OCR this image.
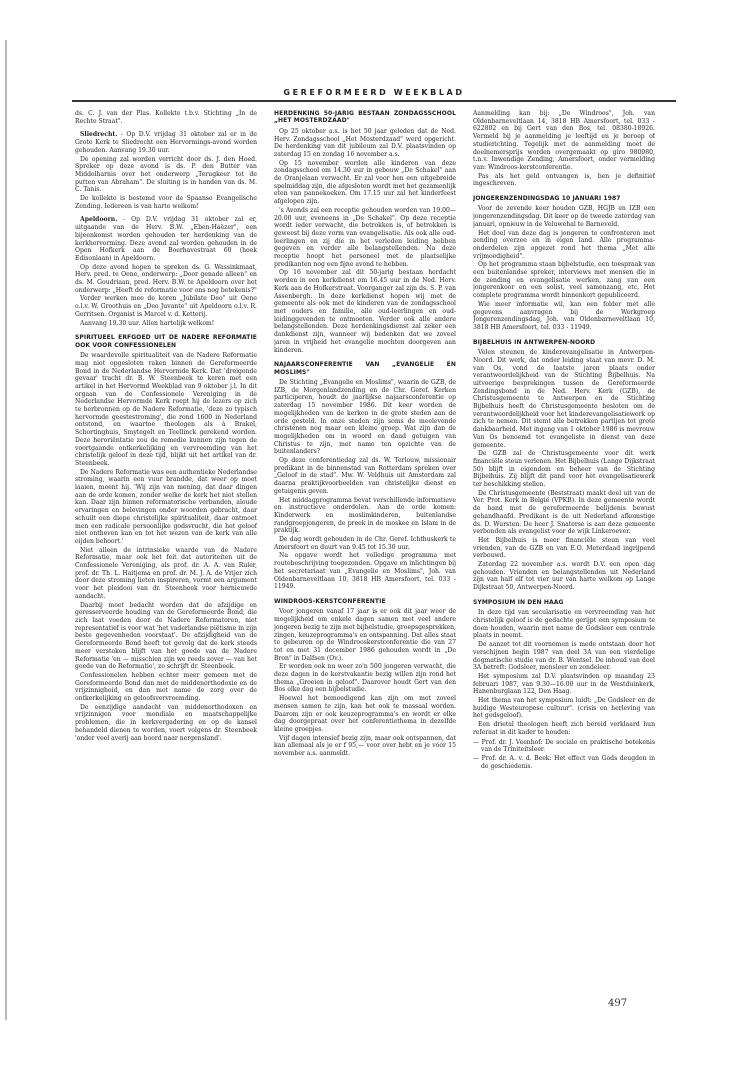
GEREFORMEERD WEEKBLAD

ds. C. J. van der Plas. Kollekte t.b.v. Stichting „In de Rechte Straat".

Sliedrecht. - Op D.V. vrijdag 31 oktober zal er in de Grote Kerk te Sliedrecht een Hervormings-avond worden gehouden. Aanvang 19.30 uur.

De opening zal worden verricht door ds. J. den Hoed. Spreker op deze avond is ds. P. den Butter van Middelharnis over het onderwerp „Terugkeer tot de putten van Abraham". De sluiting is in handen van ds. M. C. Tanis.

De kollekte is bestemd voor de Spaanse Evangelische Zending. Iedereen is van harte welkom!

Apeldoorn. - Op D.V. vrijdag 31 oktober zal er, uitgaande van de Herv. B.W. „Eben-Haëzer", een bijeenkomst worden gehouden ter herdenking van de kerkhervorming. Deze avond zal worden gehouden in de Open Hofkerk aan de Boerhavestraat 60 (hoek Edisonlaan) in Apeldoorn.

Op deze avond hopen te spreken ds. G. Wassinkmaat, Herv. pred. te Oene, onderwerp: „Door genade alleen" en ds. M. Goudriaan, pred. Herv. B.W. te Apeldoorn over het onderwerp: „Heeft de reformatie voor ons nog betekenis?"

Verder werken mee de koren „Jubilate Deo" uit Oene o.l.v. W. Groothuis en „Deo Juvante" uit Apeldoorn o.l.v. R. Gerritsen. Organist is Marcel v. d. Ketterij.

Aanvang 19.30 uur. Allen hartelijk welkom!

SPIRITUEEL ERFGOED UIT DE NADERE REFORMATIE OOK VOOR CONFESSIONELEN

De waardevolle spiritualiteit van de Nadere Reformatie mag niet opgesloten raken binnen de Gereformeerde Bond in de Nederlandse Hervormde Kerk. Dat 'dreigende gevaar' tracht dr. B. W. Steenbeek te keren met een artikel in het Hervormd Weekblad van 9 oktober j.l. In dit orgaan van de Confessionele Vereniging in de Nederlandse Hervormde Kerk roept hij de lezers op zich te herbronnen op de Nadere Reformatie, 'deze zo typisch hervormde geestestroming', die rond 1600 in Nederland ontstond, en waartoe theologen als à Brakel, Schortinghuis, Smytegelt en Teellinck gerekend worden. Deze heroriëntatie zou de remedie kunnen zijn tegen de voortgaande ontkerkelijking en vervreemding van het christelijk geloof in deze tijd, blijkt uit het artikel van dr. Steenbeek.

De Nadere Reformatie was een authentieke Nederlandse stroming, waarin een vuur brandde, dat weer op moet laaien, meent hij. 'Wij zijn van mening, dat daar dingen aan de orde komen, zonder welke de kerk het niet stellen kan. Daar zijn binnen reformatorische verbanden, aloude ervaringen en belevingen onder woorden gebracht, daar schuilt een diepe christelijke spiritualiteit, daar ontmoet men een radicale persoonlijke godsvrucht, die het geloof niet ontheven kan en tot het wezen van de kerk van alle eijden behoort.'

Niet alleen de intrinsieke waarde van de Nadere Reformatie, maar ook het feit dat autoriteiten uit de Confessionele Vereniging, als prof. dr. A. A. van Ruler, prof. dr. Th. L. Haitjema en prof. dr. M. J. A. de Vrijer zich door deze stroming lieten inspireren, vormt een argument voor het pleidooi van dr. Steenbeek voor hernieuwde aandacht.

Daarbij moet bedacht worden dat de afzijdige en geresserveerde houding van de Gereformeerde Bond, die zich laat voeden door de Nadere Reformatoren, niet representatief is voor wat 'het vaderlandse piëtisme in zijn beste gegevenheden voorstaat'. De afzijdigheid van de Gereformeerde Bond heeft tot gevolg dat de kerk steeds meer verstoken blijft van het goede van de Nadere Reformatie 'en — misschien zijn we reeds zover — van het goede van de Reformatie', zo schrijft dr. Steenbeek.

Confessionelen hebben echter meer gemeen met de Gereformeerde Bond dan met de middenorthodoxie en de vrijzinnigheid, en dan met name de zorg over de ontkerkelijking en geloofsvervreemding.

De eenzijdige aandacht van middenorthodoxen en vrijzinnigen voor mondiale en maatschappelijke problemen, die in kerkvergadering en op de kansel behandeld dienen te worden, voert volgens dr. Steenbeek 'onder veel averij aan boord naar nergensland'.

HERDENKING 50-JARIG BESTAAN ZONDAGSSCHOOL „HET MOSTERDZAAD"

Op 25 oktober a.s. is het 50 jaar geleden dat de Ned. Herv. Zondagsschool „Het Mosterdzaad" werd opgericht. De herdenking van dit jubileum zal D.V. plaatsvinden op zaterdag 15 en zondag 16 november a.s.

Op 15 november worden alle kinderen van deze zondagsschool om 14.30 uur in gebouw „De Schakel" aan de Oranjelaan verwacht. Er zal voor hen een uitgebreide spelmiddag zijn, die afgesloten wordt met het gezamenlijk eten van pannekoeken. Om 17.15 uur zal het kinderfeest afgelopen zijn.

's Avonds zal een receptie gehouden worden van 19.00—20.00 uur, eveneens in „De Schakel". Op deze receptie wordt ieder verwacht, die betrokken is, of betrokken is geweest bij deze vorm van evangelisatie. Als ook alle oud-leerlingen en zij die in het verleden leiding hebben gegeven en verder alle belangstellenden. Na deze receptie hoopt het personeel met de plaatselijke predikanten nog een fijne avond te hebben.

Op 16 november zal dit 50-jarig bestaan herdacht worden in een kerkdienst om 16.45 uur in de Ned. Herv. Kerk aan de Hofkerstraat. Voorganger zal zijn ds. S. P. van Assenbergh. In deze kerkdienst hopen wij met de gemeente als ook met de kinderen van de zondagsschool met ouders en familie, alle oud-leerlingen en oud-leidinggevenden te ontmoeten. Verder ook alle andere belangstellenden. Deze herdenkingsdienst zal zeker een dankdienst zijn, wanneer wij bedenken dat we zoveel jaren in vrijheid het evangelie mochten doorgeven aan kinderen.

NAJAARSCONFERENTIE VAN „EVANGELIE EN MOSLIMS"

De Stichting „Evangelie en Moslims", waarin de GZB, de IZB, de Morgenlandzending en de Chr. Geref. Kerken participeren, houdt de jaarlijkse najaarsconferentie op zaterdag 15 november 1986. Dit keer worden de mogelijkheden van de kerken in de grote steden aan de orde gesteld. In onze steden zijn soms de meelevende christenen nog maar een kleine groep. Wat zijn dan de mogelijkheden om in woord en daad getuigen van Christus te zijn, met name ten opzichte van de buitenlanders?

Op deze conferentiedag zal ds. W. Terlouw, missionair predikant in de binnenstad van Rotterdam spreken over „Geloof in de stad". Mw. W. Veldhuis uit Amsterdam zal daarna praktijkvoorbeelden van christelijke dienst en getuigenis geven.

Het middagprogramma bevat verschillende informatieve en instructieve onderdelen. Aan de orde komen: Kinderwerk en moslimkinderen, buitenlandse randgroepjongeren, de preek in de moskee en Islam in de praktijk.

De dag wordt gehouden in de Chr. Geref. Ichthuskerk te Amersfoort en duurt van 9.45 tot 15.30 uur.

Na opgave wordt het volledige programma met routebeschrijving toegezonden. Opgave en inlichtingen bij het secretariaat van „Evangelie en Moslims", Joh. van Oldenbarneveltlaan 10, 3818 HB Amersfoort, tel. 033 - 11949.

WINDROOS-KERSTCONFERENTIE

Voor jongeren vanaf 17 jaar is er ook dit jaar weer de mogelijkheid om enkele dagen samen met veel andere jongeren bezig te zijn met bijbelstudie, groepsgesprekken, zingen, keuzeprogramma's en ontspanning. Dat alles staat te gebeuren op de Windrooskerstconferentie die van 27 tot en met 31 december 1986 gehouden wordt in „De Bron" in Dalfsen (Ov.).

Er worden ook nu weer zo'n 500 jongeren verwacht, die deze dagen in de kerstvakantie bezig willen zijn rond het thema „Groeien in geloof". Daarover houdt Gert van den Bos elke dag een bijbelstudie.

Hoewel het bemoedigend kan zijn om met zoveel mensen samen te zijn, kan het ook te massaal worden. Daarom zijn er ook keuzeprogramma's en wordt er elke dag doorgepraat over het conferentiethema in dezelfde kleine groepjes.

Vijf dagen intensief bezig zijn, maar ook ontspannen, dat kan allemaal als je er f 95,— voor over hebt en je vóór 15 november a.s. aanmeldt.

Aanmelding kan bij: „De Windroos", Joh. van Oldenbarneveltlaan 14, 3818 HB Amersfoort, tel. 033 - 622802 en bij Gert van den Bos, tel. 08380-18926. Vermeld bij je aanmelding je leeftijd en je beroep of studierichting. Tegelijk met de aanmelding moet de deelnemersprijs worden overgemaakt op giro 980980, t.n.v. Inwendige Zending, Amersfoort, onder vermelding van: Windroos-kerstconferentie.

Pas als het geld ontvangen is, ben je definitief ingeschreven.

JONGERENZENDINGSDAG 10 JANUARI 1987

Voor de zevende keer houden GZB, HGJB en IZB een jongerenzendingsdag. Dit keer op de tweede zaterdag van januari, opnieuw in de Veluwehal te Barneveld.

Het doel van deze dag is jongeren te confronteren met zending overzee en in eigen land. Alle programma-onderdelen zijn opgezet rond het thema „Met alle vrijmoedigheid".

Op het programma staan bijbelstudie, een toespraak van een buitenlandse spreker, interviews met mensen die in de zending en evangelisatie werken, zang van een jongerenkoor en een solist, veel samenzang, etc. Het complete programma wordt binnenkort gepubliceerd.

Wie meer informatie wil, kan een folder met alle gegevens aanvragen bij de Werkgroep Jongerenzendingsdag, Joh. van Oldenbarneveltlaan 10, 3818 HB Amersfoort, tel. 033 - 11949.

BIJBELHUIS IN ANTWERPEN-NOORD

Velen steunen de kinderevangelisatie in Antwerpen-Noord. Dit werk, dat onder leiding staat van mevr. D. M. van Os, vond de laatste jaren plaats onder verantwoordelijkheid van de Stichting Bijbelhuis. Na uitvoerige besprekingen tussen de Gereformeerde Zendingsbond in de Ned. Herv. Kerk (GZB), de Christusgemeente te Antwerpen en de Stichting Bijbelhuis heeft de Christusgemeente besloten om de verantwoordelijkheid voor het kinderevangelisatiewerk op zich te nemen. Dit stemt alle betrokken partijen tot grote dankbaarheid. Met ingang van 1 oktober 1986 is mevrouw Van Os benoemd tot evangeliste in dienst van deze gemeente.

De GZB zal de Christusgemeente voor dit werk financiële steun verlenen. Het Bijbelhuis (Lange Dijkstraat 50) blijft in eigendom en beheer van de Stichting Bijbelhuis. Zij blijft dit pand voor het evangelisatiewerk ter beschikking stellen.

De Christusgemeente (Beststraat) maakt deel uit van de Ver. Prot. Kerk in België (VPKB). In deze gemeente wordt de band met de gereformeerde belijdenis bewust gehandhaafd. Predikant is de uit Nederland afkomstige ds. D. Wursten. De heer J. Snaterse is aan deze gemeente verbonden als evangelist voor de wijk Linkeroever.

Het Bijbelhuis is meer financiële steun van veel vrienden, van de GZB en van E.O. Meterdaad ingrijpend verbouwd.

Zaterdag 22 november a.s. wordt D.V. een open dag gehouden. Vrienden en belangstellenden uit Nederland zijn van half elf tot vier uur van harte welkom op Lange Dijkstraat 50, Antwerpen-Noord.

SYMPOSIUM IN DEN HAAG

In deze tijd van secularisatie en vervreemding van het christelijk geloof is de gedachte gerijpt een symposium te doen houden, waarin met name de Godsleer een centrale plaats in neemt.

De aanzet tot dit voornemen is mede ontstaan door het verschijnen begin 1987 van deel 3A van een vierdelige dogmatische studie van dr. B. Wentsel. De inhoud van deel 3A betreft: Godsleer, mensleer en zondeleer.

Het symposium zal D.V. plaatsvinden op maandag 23 februari 1987, van 9.30—16.00 uur in de Westduinkerk, Hanenburglaan 122, Den Haag.

Het thema van het symposium luidt: „De Godsleer en de huidige Westeuropese cultuur". (crisis en herleving van het godsgeloof).

Een drietal theologen heeft zich bereid verklaard hun referaat in dit kader te houden:

— Prof. dr. J. Veenhof: De sociale en praktische betekenis van de Triniteitsleer.
— Prof. dr. A. v. d. Beek: Het effect van Gods deugden in de geschiedenis.
497
